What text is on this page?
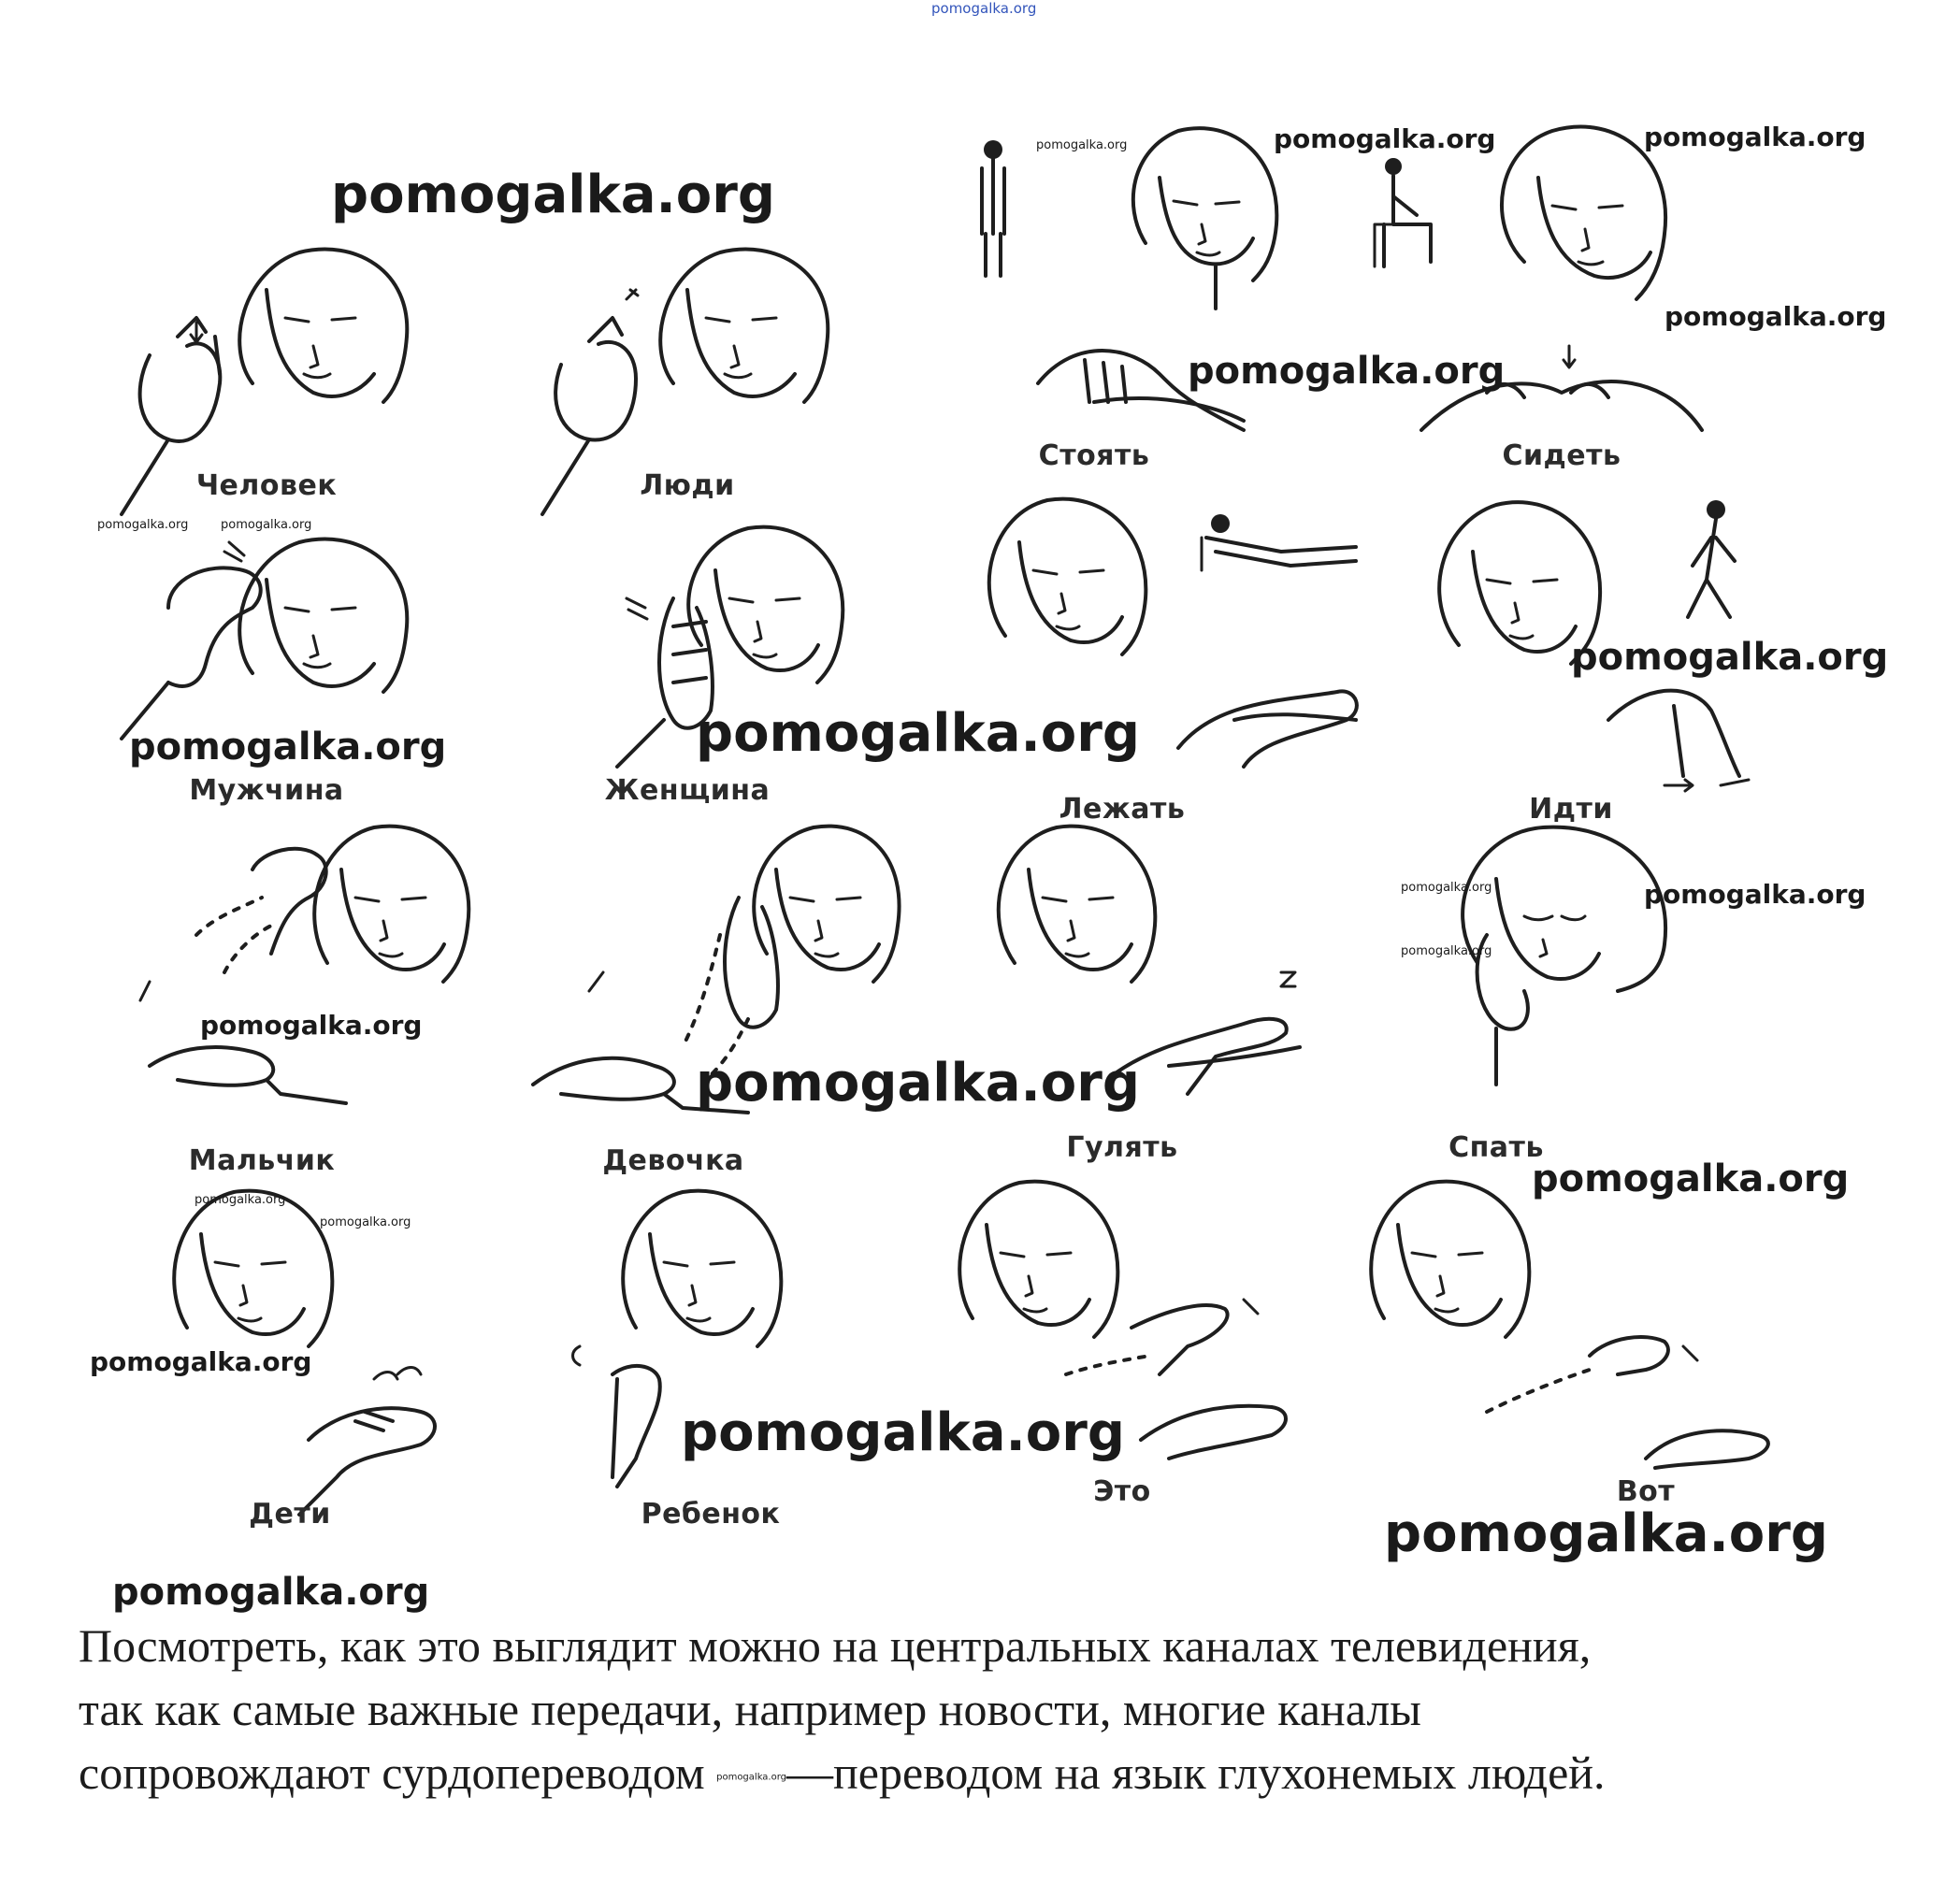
pomogalka.org
Человек	Люди
Стоять	Сидеть
Мужчина	Женщина
Лежать	Идти
Мальчик	Девочка	Гулять	Спать
Дети	Ребенок
Это	Вот
pomogalka.org
pomogalka.org	pomogalka.org	pomogalka.org
pomogalka.org
pomogalka.org
pomogalka.org	pomogalka.org
pomogalka.org
pomogalka.org
pomogalka.org
pomogalka.org	pomogalka.org
pomogalka.org
pomogalka.org
pomogalka.org
pomogalka.org
pomogalka.org
pomogalka.org
pomogalka.org
pomogalka.org
pomogalka.org
pomogalka.org
Посмотреть, как это выглядит можно на центральных каналах телевидения,
так как самые важные передачи, например новости, многие каналы
сопровождают сурдопереводом pomogalka.org—переводом на язык глухонемых людей.
